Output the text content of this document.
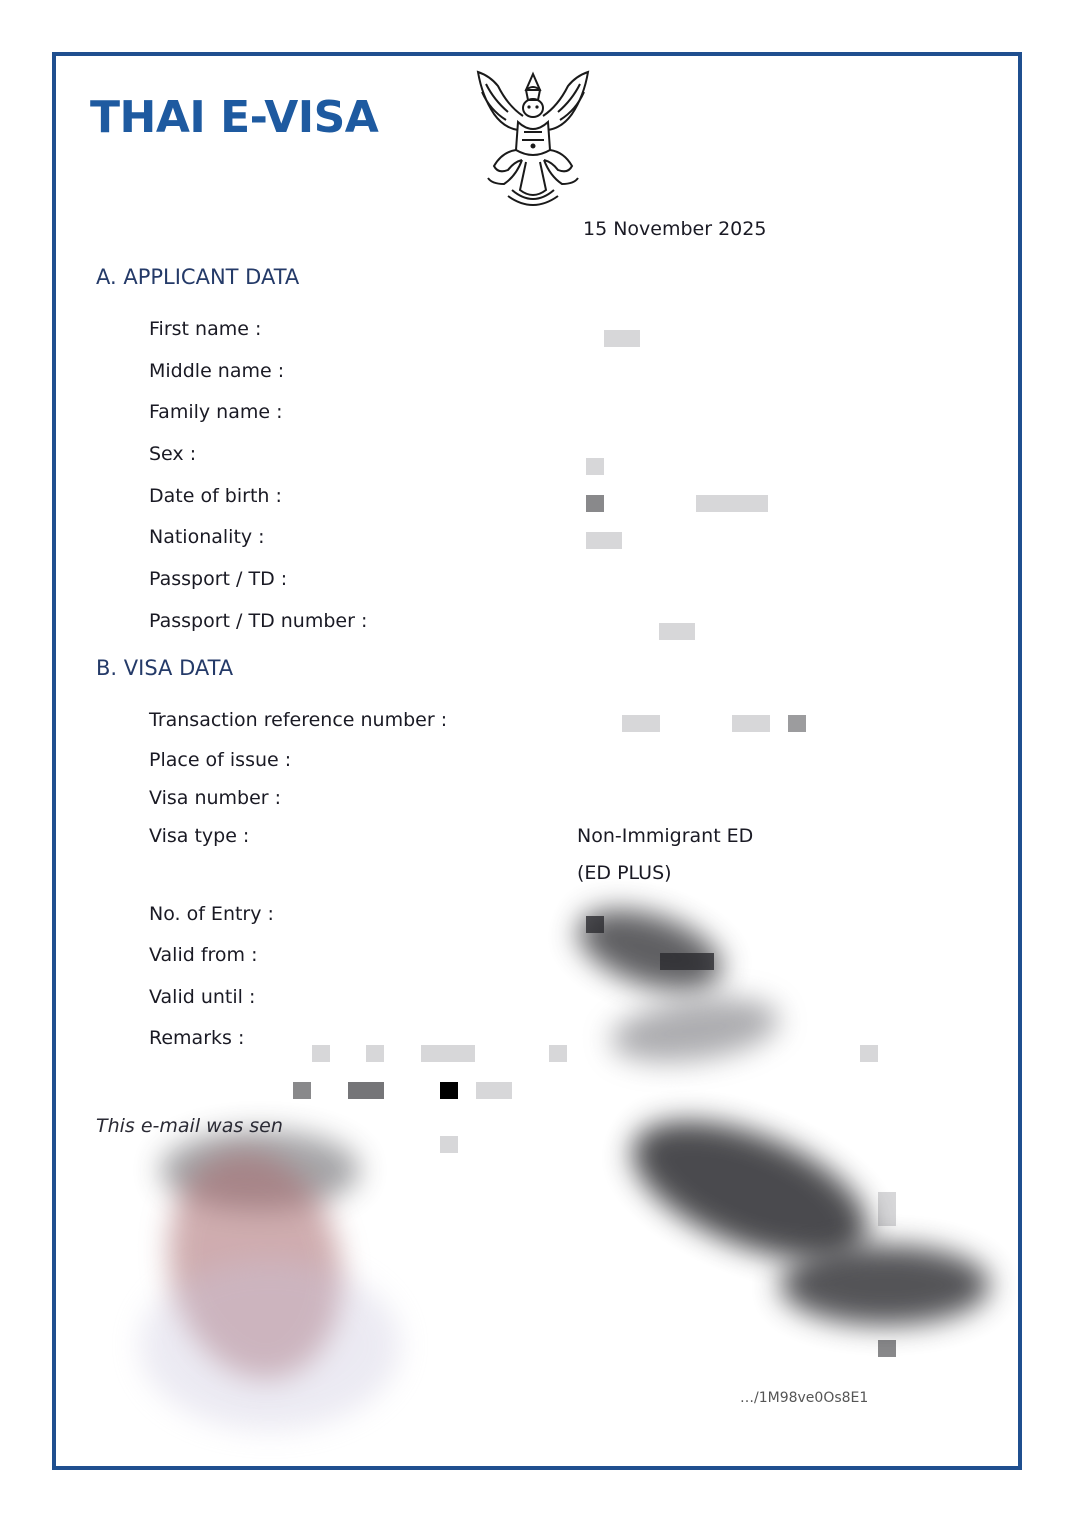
THAI E-VISA
15 November 2025
A. APPLICANT DATA
First name :
Middle name :
Family name :
Sex :
Date of birth :
Nationality :
Passport / TD :
Passport / TD number :
B. VISA DATA
Transaction reference number :
Place of issue :
Visa number :
Visa type :	Non-Immigrant ED
(ED PLUS)
No. of Entry :
Valid from :
Valid until :
Remarks :
This e-mail was sen
…/1M98ve0Os8E1
